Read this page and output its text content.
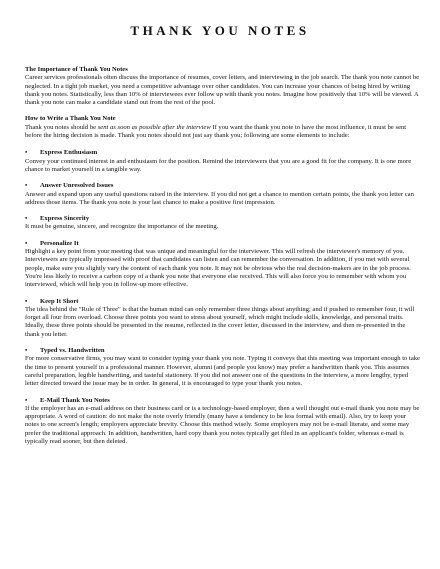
THANK YOU NOTES

The Importance of Thank You Notes

Career services professionals often discuss the importance of resumes, cover letters, and interviewing in the job search. The thank you note cannot be neglected. In a tight job market, you need a competitive advantage over other candidates. You can increase your chances of being hired by writing thank you notes. Statistically, less than 10% of interviewees ever follow up with thank you notes. Imagine how positively that 10% will be viewed. A thank you note can make a candidate stand out from the rest of the pool.

How to Write a Thank You Note

Thank you notes should be sent as soon as possible after the interview If you want the thank you note to have the most influence, it must be sent before the hiring decision is made. Thank you notes should not just say thank you; following are some elements to include:

•	Express Enthusiasm

Convey your continued interest in and enthusiasm for the position. Remind the interviewers that you are a good fit for the company. It is one more chance to market yourself in a tangible way.

•	Answer Unresolved Issues

Answer and expand upon any useful questions raised in the interview. If you did not get a chance to mention certain points, the thank you letter can address those items. The thank you note is your last chance to make a positive first impression.

•	Express Sincerity

It must be genuine, sincere, and recognize the importance of the meeting.

•	Personalize It

Highlight a key point from your meeting that was unique and meaningful for the interviewer. This will refresh the interviewer's memory of you. Interviewers are typically impressed with proof that candidates can listen and can remember the conversation. In addition, if you met with several people, make sure you slightly vary the content of each thank you note. It may not be obvious who the real decision-makers are in the job process. You're less likely to receive a carbon copy of a thank you note that everyone else received. This will also force you to remember with whom you interviewed, which will help you in follow-up more effective.

•	Keep It Short

The idea behind the "Rule of Three" is that the human mind can only remember three things about anything; and if pushed to remember four, it will forget all four from overload. Choose three points you want to stress about yourself, which might include skills, knowledge, and personal traits. Ideally, these three points should be presented in the resume, reflected in the cover letter, discussed in the interview, and then re-presented in the thank you letter.

•	Typed vs. Handwritten

For more conservative firms, you may want to consider typing your thank you note. Typing it conveys that this meeting was important enough to take the time to present yourself in a professional manner. However, alumni (and people you know) may prefer a handwritten thank you. This assumes careful preparation, legible handwriting, and tasteful stationery. If you did not answer one of the questions in the interview, a more lengthy, typed letter directed toward the issue may be in order. In general, it is encouraged to type your thank you notes.

•	E-Mail Thank You Notes

If the employer has an e-mail address on their business card or is a technology-based employer, then a well thought out e-mail thank you note may be appropriate. A word of caution: do not make the note overly friendly (many have a tendency to be less formal with email). Also, try to keep your notes to one screen's length; employers appreciate brevity. Choose this method wisely. Some employers may not be e-mail literate, and some may prefer the traditional approach. In addition, handwritten, hard copy thank you notes typically get filed in an applicant's folder, whereas e-mail is typically read sooner, but then deleted.
